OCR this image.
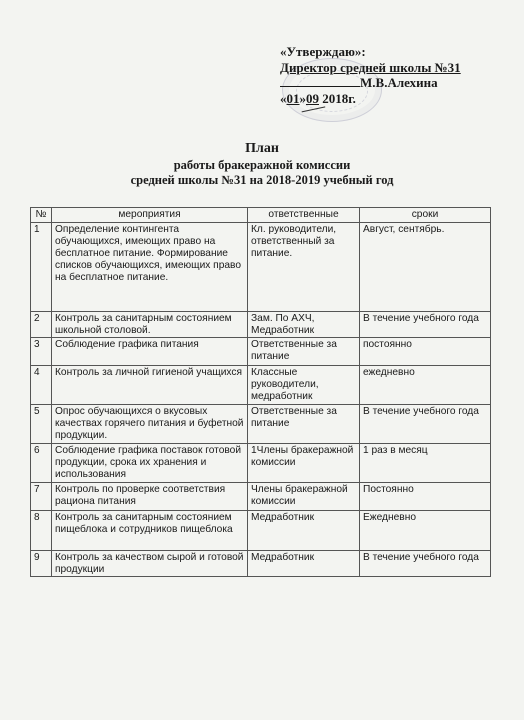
«Утверждаю»:
Директор средней школы №31
М.В.Алехина
«01»09 2018г.
План
работы бракеражной комиссии
средней школы №31 на 2018-2019 учебный год
№	мероприятия	ответственные	сроки
1	Определение контингента обучающихся, имеющих право на бесплатное питание. Формирование списков обучающихся, имеющих право на бесплатное питание.	Кл. руководители, ответственный за питание.	Август, сентябрь.
2	Контроль за санитарным состоянием школьной столовой.	Зам. По АХЧ, Медработник	В течение учебного года
3	Соблюдение графика питания	Ответственные за питание	постоянно
4	Контроль за личной гигиеной учащихся	Классные руководители, медработник	ежедневно
5	Опрос обучающихся о вкусовых качествах горячего питания и буфетной продукции.	Ответственные за питание	В течение учебного года
6	Соблюдение графика поставок готовой продукции, срока их хранения и использования	1Члены бракеражной комиссии	1 раз в месяц
7	Контроль по проверке соответствия рациона питания	Члены бракеражной комиссии	Постоянно
8	Контроль за санитарным состоянием пищеблока и сотрудников пищеблока	Медработник	Ежедневно
9	Контроль за качеством сырой и готовой продукции	Медработник	В течение учебного года
